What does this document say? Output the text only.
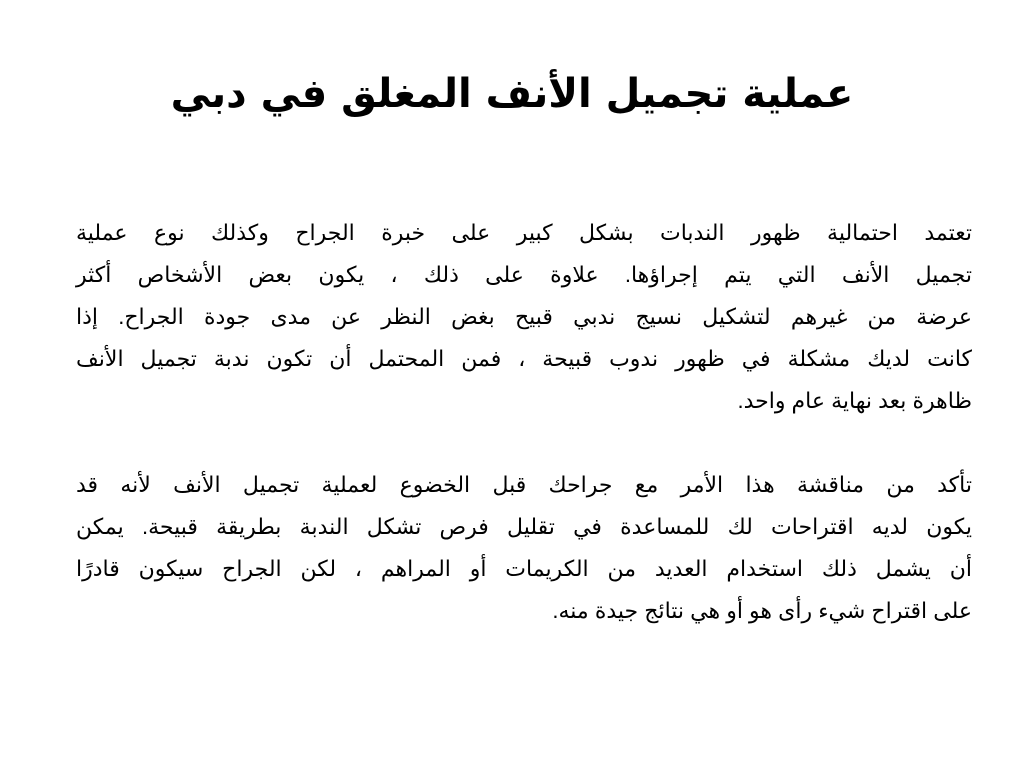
عملية تجميل الأنف المغلق في دبي

تعتمد احتمالية ظهور الندبات بشكل كبير على خبرة الجراح وكذلك نوع عملية
تجميل الأنف التي يتم إجراؤها. علاوة على ذلك ، يكون بعض الأشخاص أكثر
عرضة من غيرهم لتشكيل نسيج ندبي قبيح بغض النظر عن مدى جودة الجراح. إذا
كانت لديك مشكلة في ظهور ندوب قبيحة ، فمن المحتمل أن تكون ندبة تجميل الأنف
ظاهرة بعد نهاية عام واحد.

تأكد من مناقشة هذا الأمر مع جراحك قبل الخضوع لعملية تجميل الأنف لأنه قد
يكون لديه اقتراحات لك للمساعدة في تقليل فرص تشكل الندبة بطريقة قبيحة. يمكن
أن يشمل ذلك استخدام العديد من الكريمات أو المراهم ، لكن الجراح سيكون قادرًا
على اقتراح شيء رأى هو أو هي نتائج جيدة منه.
